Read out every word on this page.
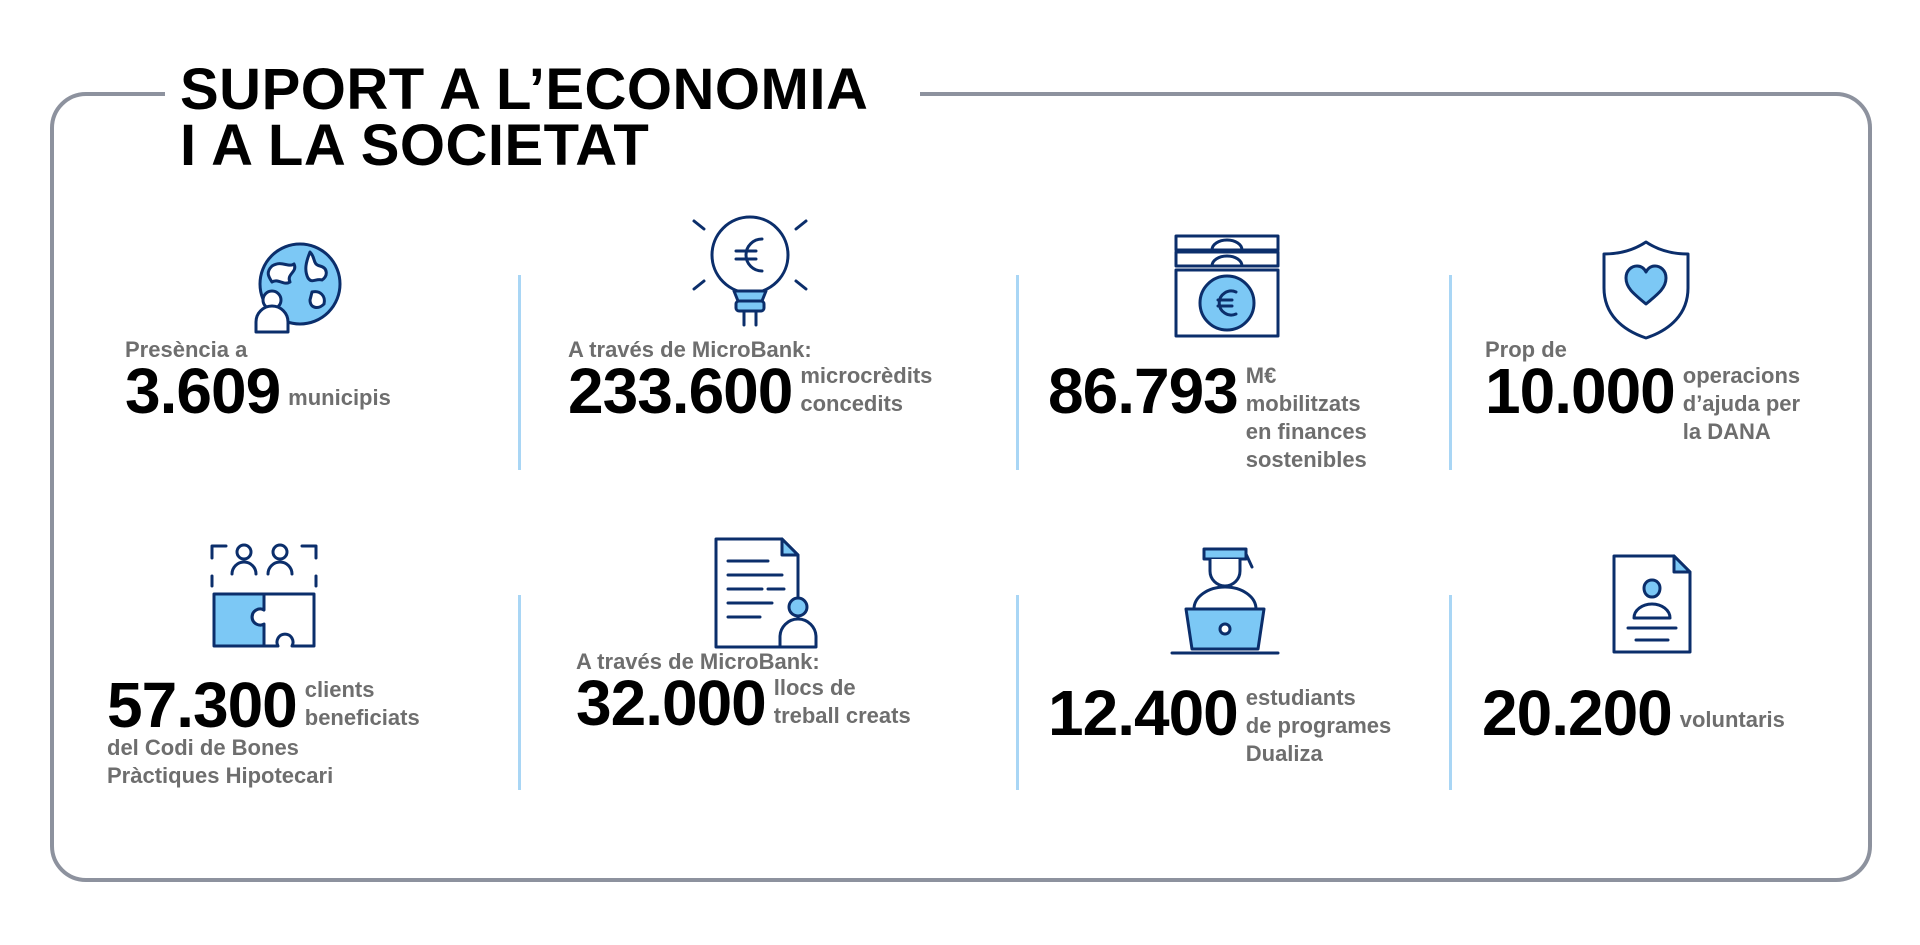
SUPORT A L’ECONOMIA
I A LA SOCIETAT
Presència a
3.609 municipis
A través de MicroBank:
233.600 microcrèdits
concedits	86.793 M€
mobilitzats
en finances
sostenibles
Prop de
10.000 operacions
d’ajuda per
la DANA
57.300 clients
beneficiats
del Codi de Bones
Pràctiques Hipotecari
A través de MicroBank:
32.000 llocs de
treball creats 12.400 estudiants
de programes
Dualiza
20.200 voluntaris
